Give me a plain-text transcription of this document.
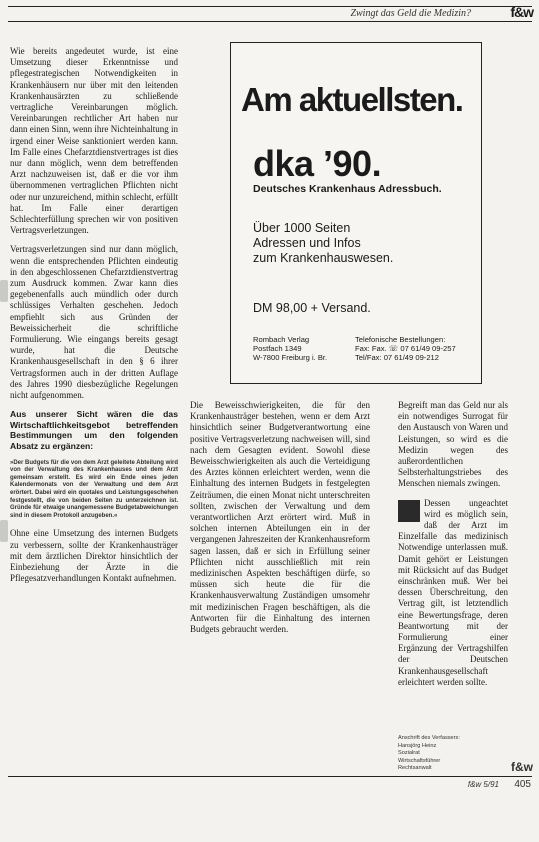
Zwingt das Geld die Medizin?	f&w

Wie bereits angedeutet wurde, ist eine Umsetzung dieser Erkenntnisse und pflegestrategischen Notwendigkeiten in Krankenhäusern nur über mit den leitenden Krankenhausärzten zu schließende vertragliche Vereinbarungen möglich. Vereinbarungen rechtlicher Art haben nur dann einen Sinn, wenn ihre Nichteinhaltung in irgend einer Weise sanktioniert werden kann. Im Falle eines Chefarztdienstvertrages ist dies nur dann möglich, wenn dem betreffenden Arzt nachzuweisen ist, daß er die vor ihm übernommenen vertraglichen Pflichten nicht oder nur unzureichend, mithin schlecht, erfüllt hat. Im Falle einer derartigen Schlechterfüllung sprechen wir von positiven Vertragsverletzungen.

Vertragsverletzungen sind nur dann möglich, wenn die entsprechenden Pflichten eindeutig in den abgeschlossenen Chefarztdienstvertrag zum Ausdruck kommen. Zwar kann dies gegebenenfalls auch mündlich oder durch schlüssiges Verhalten geschehen. Jedoch empfiehlt sich aus Gründen der Beweissicherheit die schriftliche Formulierung. Wie eingangs bereits gesagt wurde, hat die Deutsche Krankenhausgesellschaft in den § 6 ihrer Vertragsformen auch in der dritten Auflage des Jahres 1990 diesbezügliche Regelungen nicht aufgenommen.

Aus unserer Sicht wären die das Wirtschaftlichkeitsgebot betreffenden Bestimmungen um den folgenden Absatz zu ergänzen:

»Der Budgets für die von dem Arzt geleitete Abteilung wird von der Verwaltung des Krankenhauses und dem Arzt gemeinsam erstellt. Es wird ein Ende eines jeden Kalendermonats von der Verwaltung und dem Arzt erörtert. Dabei wird ein quotales und Leistungsgeschehen festgestellt, die von beiden Seiten zu unterzeichnen ist. Gründe für etwaige unangemessene Budgetabweichungen sind in diesem Protokoll anzugeben.«

Ohne eine Umsetzung des internen Budgets zu verbessern, sollte der Krankenhausträger mit dem ärztlichen Direktor hinsichtlich der Einbeziehung der Ärzte in die Pflegesatzverhandlungen Kontakt aufnehmen.

Am aktuellsten.
dka ’90.
Deutsches Krankenhaus Adressbuch.
Über 1000 Seiten
Adressen und Infos
zum Krankenhauswesen.
DM 98,00 + Versand.
Rombach Verlag
Postfach 1349
W-7800 Freiburg i. Br.
Telefonische Bestellungen:
Fax: Fax. ☏ 07 61/49 09-257
Tel/Fax: 07 61/49 09-212

Die Beweisschwierigkeiten, die für den Krankenhausträger bestehen, wenn er dem Arzt hinsichtlich seiner Budgetverantwortung eine positive Vertragsverletzung nachweisen will, sind nach dem Gesagten evident. Sowohl diese Beweisschwierigkeiten als auch die Verteidigung des Arztes können erleichtert werden, wenn die Einhaltung des internen Budgets in festgelegten Zeiträumen, die einen Monat nicht unterschreiten sollten, zwischen der Verwaltung und dem verantwortlichen Arzt erörtert wird. Muß in solchen internen Abteilungen ein in der vergangenen Jahreszeiten der Krankenhausreform sagen lassen, daß er sich in Erfüllung seiner Pflichten nicht ausschließlich mit rein medizinischen Aspekten beschäftigen dürfe, so müssen sich heute die für die Krankenhausverwaltung Zuständigen umsomehr mit medizinischen Fragen beschäftigen, als die Antworten für die Einhaltung des internen Budgets gebraucht werden.

Begreift man das Geld nur als ein notwendiges Surrogat für den Austausch von Waren und Leistungen, so wird es die Medizin wegen des außerordentlichen Selbsterhaltungstriebes des Menschen niemals zwingen.

Dessen ungeachtet wird es möglich sein, daß der Arzt im Einzelfalle das medizinisch Notwendige unterlassen muß. Damit gehört er Leistungen mit Rücksicht auf das Budget einschränken muß. Wer bei dessen Überschreitung, den Vertrag gilt, ist letztendlich eine Bewertungsfrage, deren Beantwortung mit der Formulierung einer Ergänzung der Vertragshilfen der Deutschen Krankenhausgesellschaft erleichtert werden sollte.

Anschrift des Verfassers:
Hansjörg Heinz
Sozialrat
Wirtschaftsführer
Rechtsanwalt	f&w
f&w 5/91 405
